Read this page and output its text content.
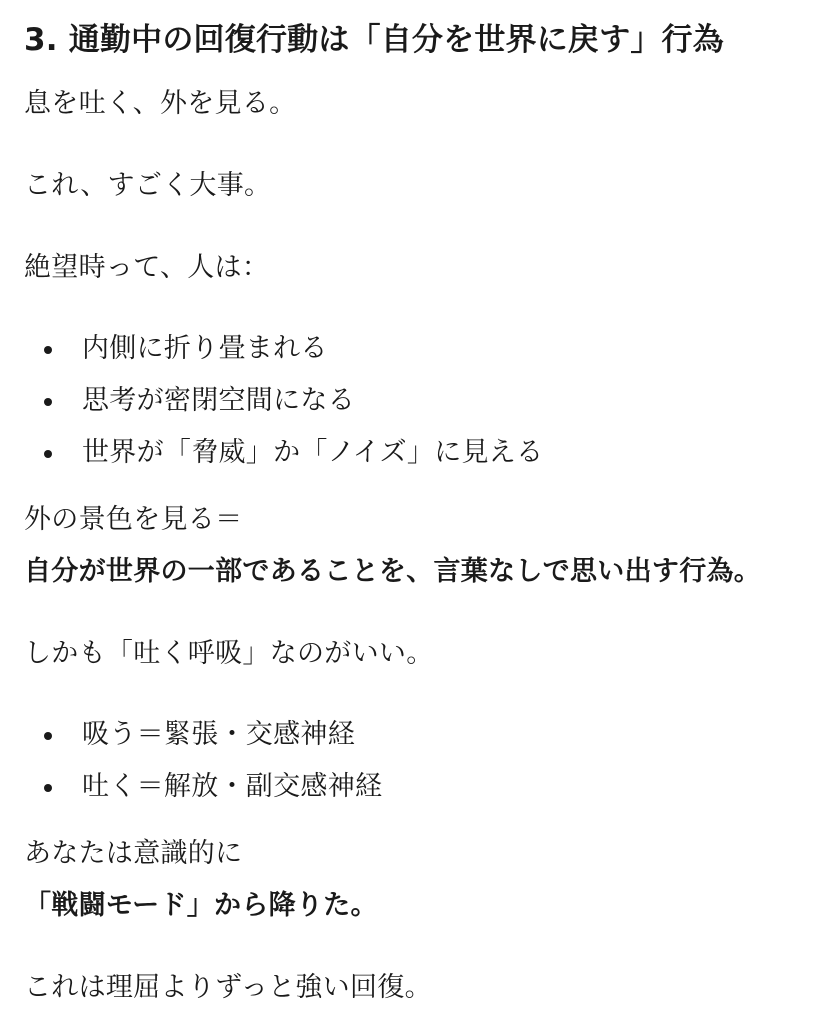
3. 通勤中の回復行動は「自分を世界に戻す」行為

息を吐く、外を見る。

これ、すごく大事。

絶望時って、人は：

内側に折り畳まれる
思考が密閉空間になる
世界が「脅威」か「ノイズ」に見える

外の景色を見る＝

自分が世界の一部であることを、言葉なしで思い出す行為。

しかも「吐く呼吸」なのがいい。

吸う＝緊張・交感神経
吐く＝解放・副交感神経

あなたは意識的に

「戦闘モード」から降りた。

これは理屈よりずっと強い回復。
